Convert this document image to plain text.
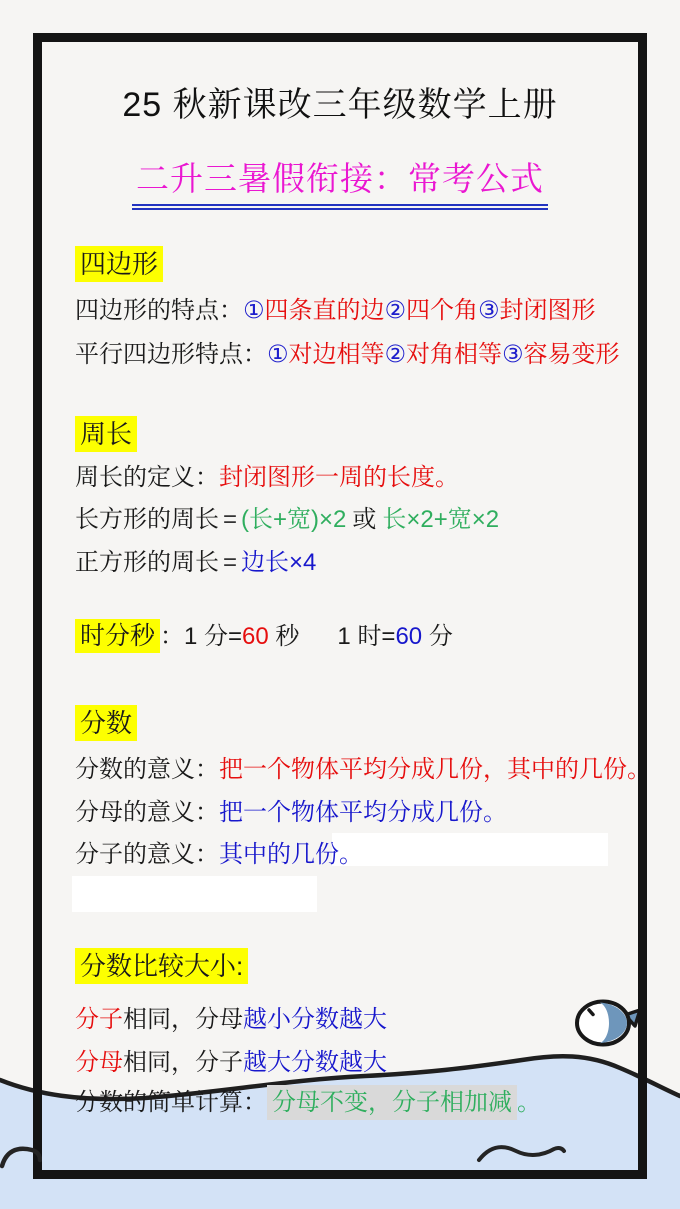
25 秋新课改三年级数学上册
二升三暑假衔接：常考公式
四边形
四边形的特点：①四条直的边②四个角③封闭图形
平行四边形特点：①对边相等②对角相等③容易变形
周长
周长的定义：封闭图形一周的长度。
长方形的周长 = (长+宽)×2 或 长×2+宽×2
正方形的周长 = 边长×4
时分秒 ：1 分=60 秒 1 时=60 分
分数
分数的意义：把一个物体平均分成几份，其中的几份。
分母的意义：把一个物体平均分成几份。
分子的意义：其中的几份。
分数比较大小:
分子相同，分母越小分数越大
分母相同，分子越大分数越大
分数的简单计算： 分母不变，分子相加减 。
